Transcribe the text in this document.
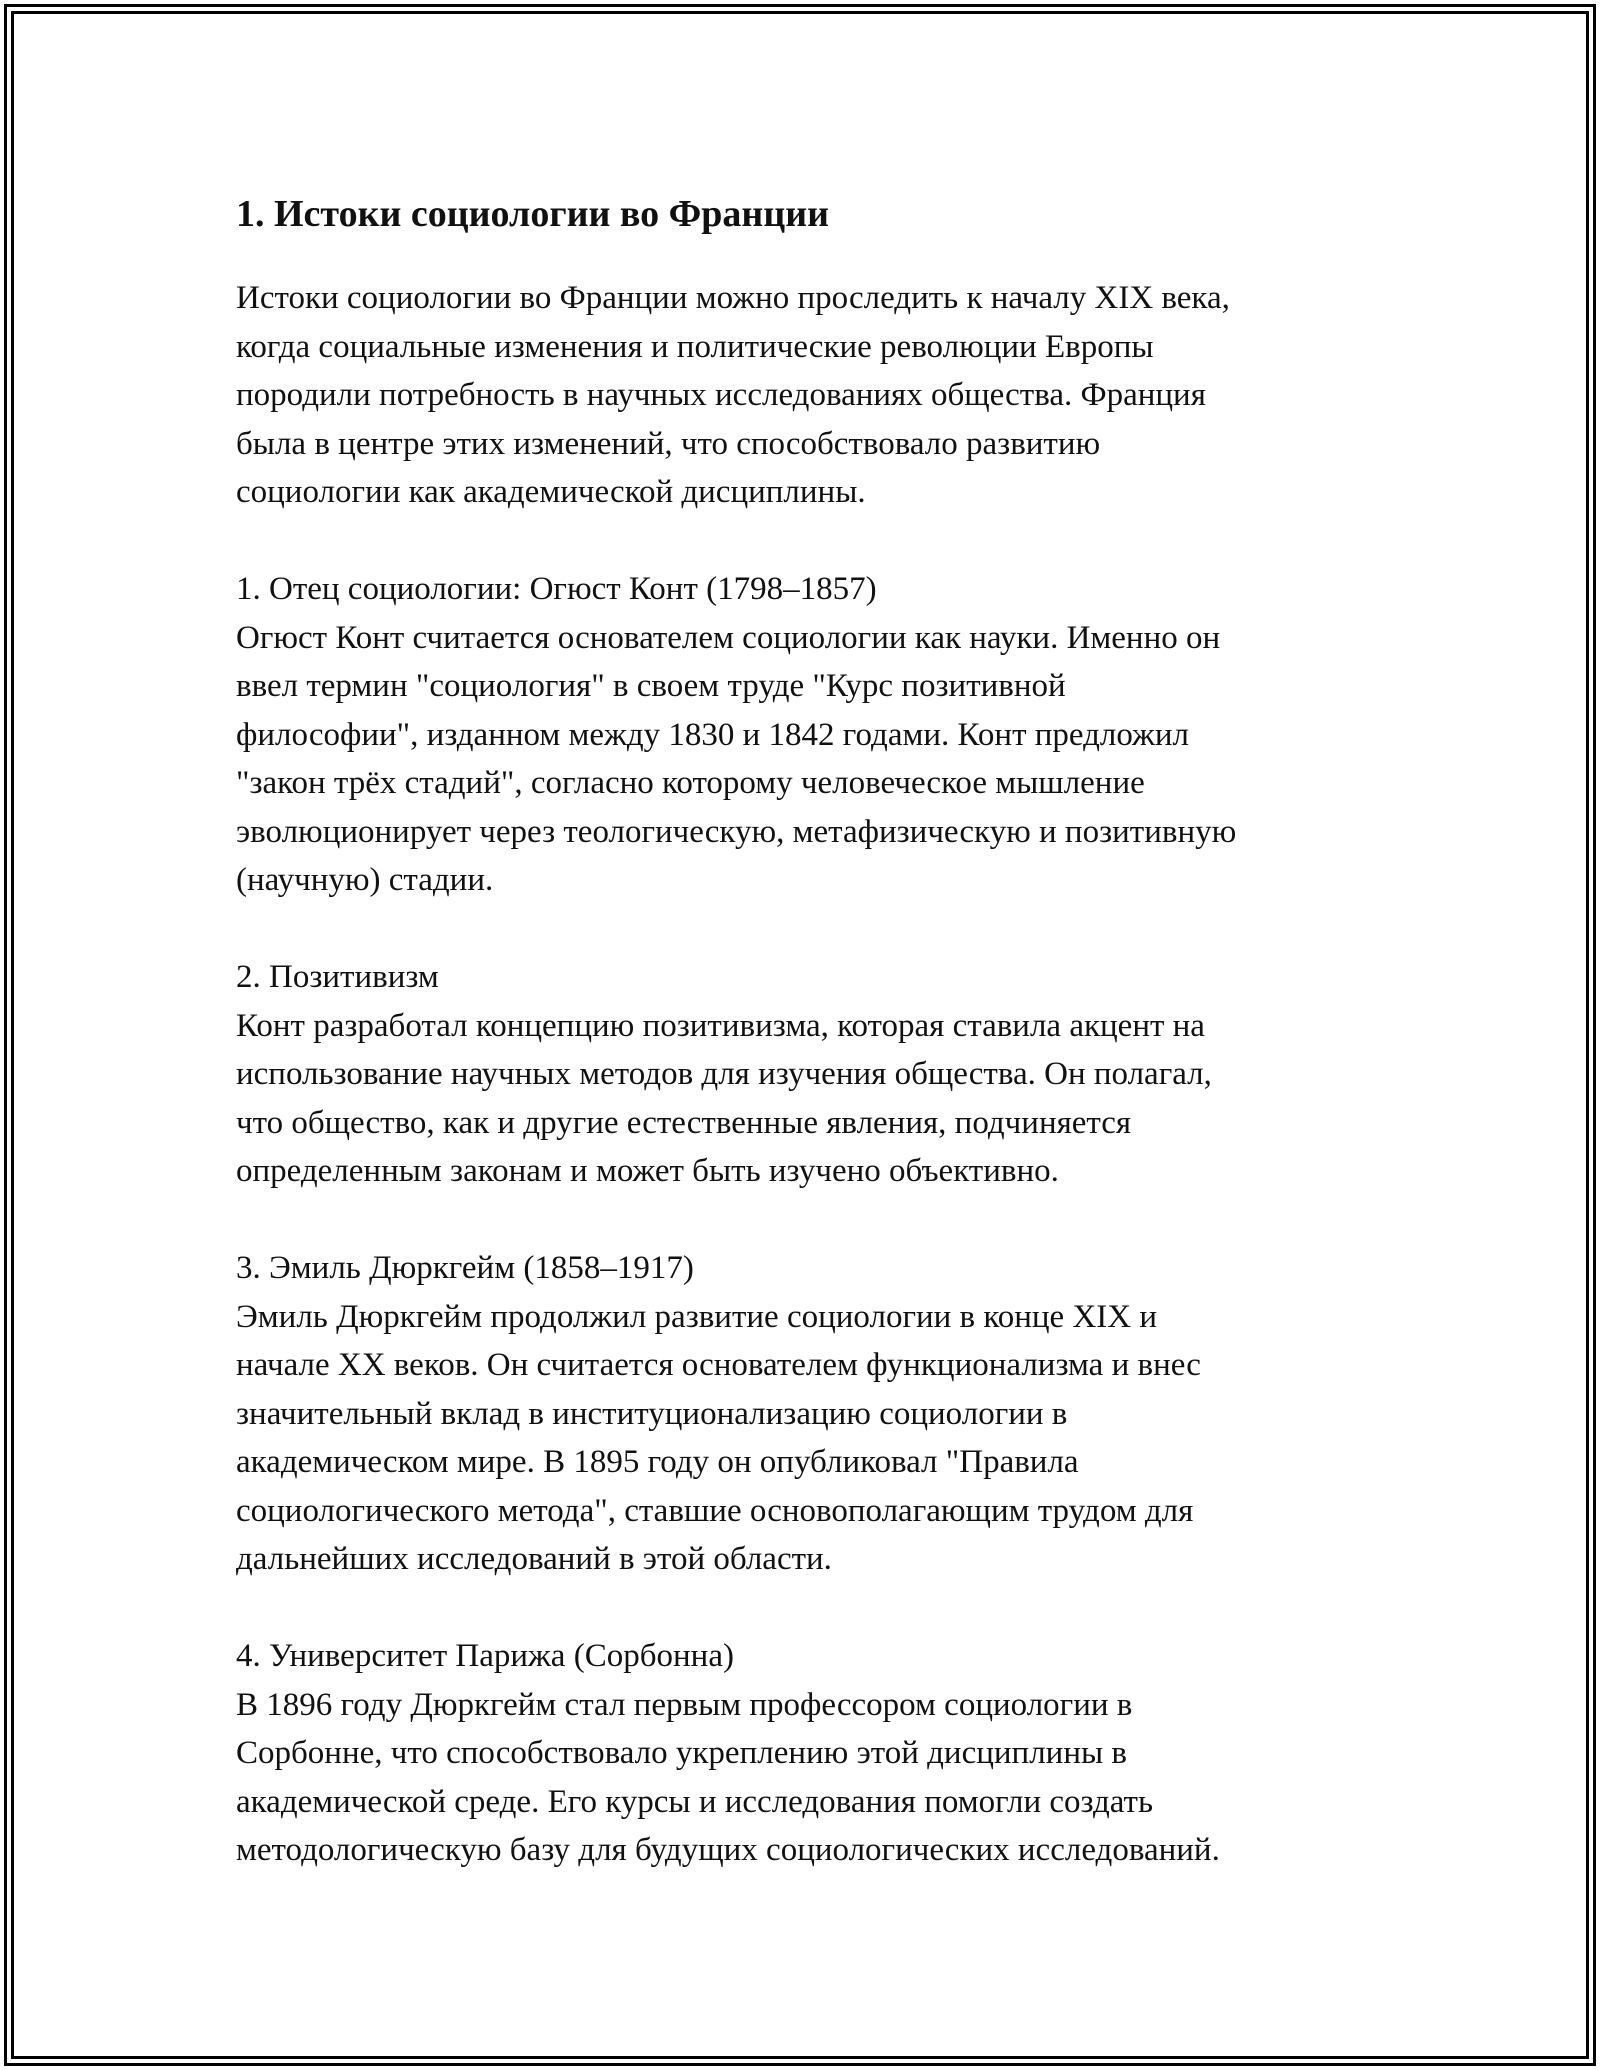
1. Истоки социологии во Франции

Истоки социологии во Франции можно проследить к началу XIX века,
когда социальные изменения и политические революции Европы
породили потребность в научных исследованиях общества. Франция
была в центре этих изменений, что способствовало развитию
социологии как академической дисциплины.

1. Отец социологии: Огюст Конт (1798–1857)

Огюст Конт считается основателем социологии как науки. Именно он
ввел термин "социология" в своем труде "Курс позитивной
философии", изданном между 1830 и 1842 годами. Конт предложил
"закон трёх стадий", согласно которому человеческое мышление
эволюционирует через теологическую, метафизическую и позитивную
(научную) стадии.

2. Позитивизм

Конт разработал концепцию позитивизма, которая ставила акцент на
использование научных методов для изучения общества. Он полагал,
что общество, как и другие естественные явления, подчиняется
определенным законам и может быть изучено объективно.

3. Эмиль Дюркгейм (1858–1917)

Эмиль Дюркгейм продолжил развитие социологии в конце XIX и
начале XX веков. Он считается основателем функционализма и внес
значительный вклад в институционализацию социологии в
академическом мире. В 1895 году он опубликовал "Правила
социологического метода", ставшие основополагающим трудом для
дальнейших исследований в этой области.

4. Университет Парижа (Сорбонна)

В 1896 году Дюркгейм стал первым профессором социологии в
Сорбонне, что способствовало укреплению этой дисциплины в
академической среде. Его курсы и исследования помогли создать
методологическую базу для будущих социологических исследований.
